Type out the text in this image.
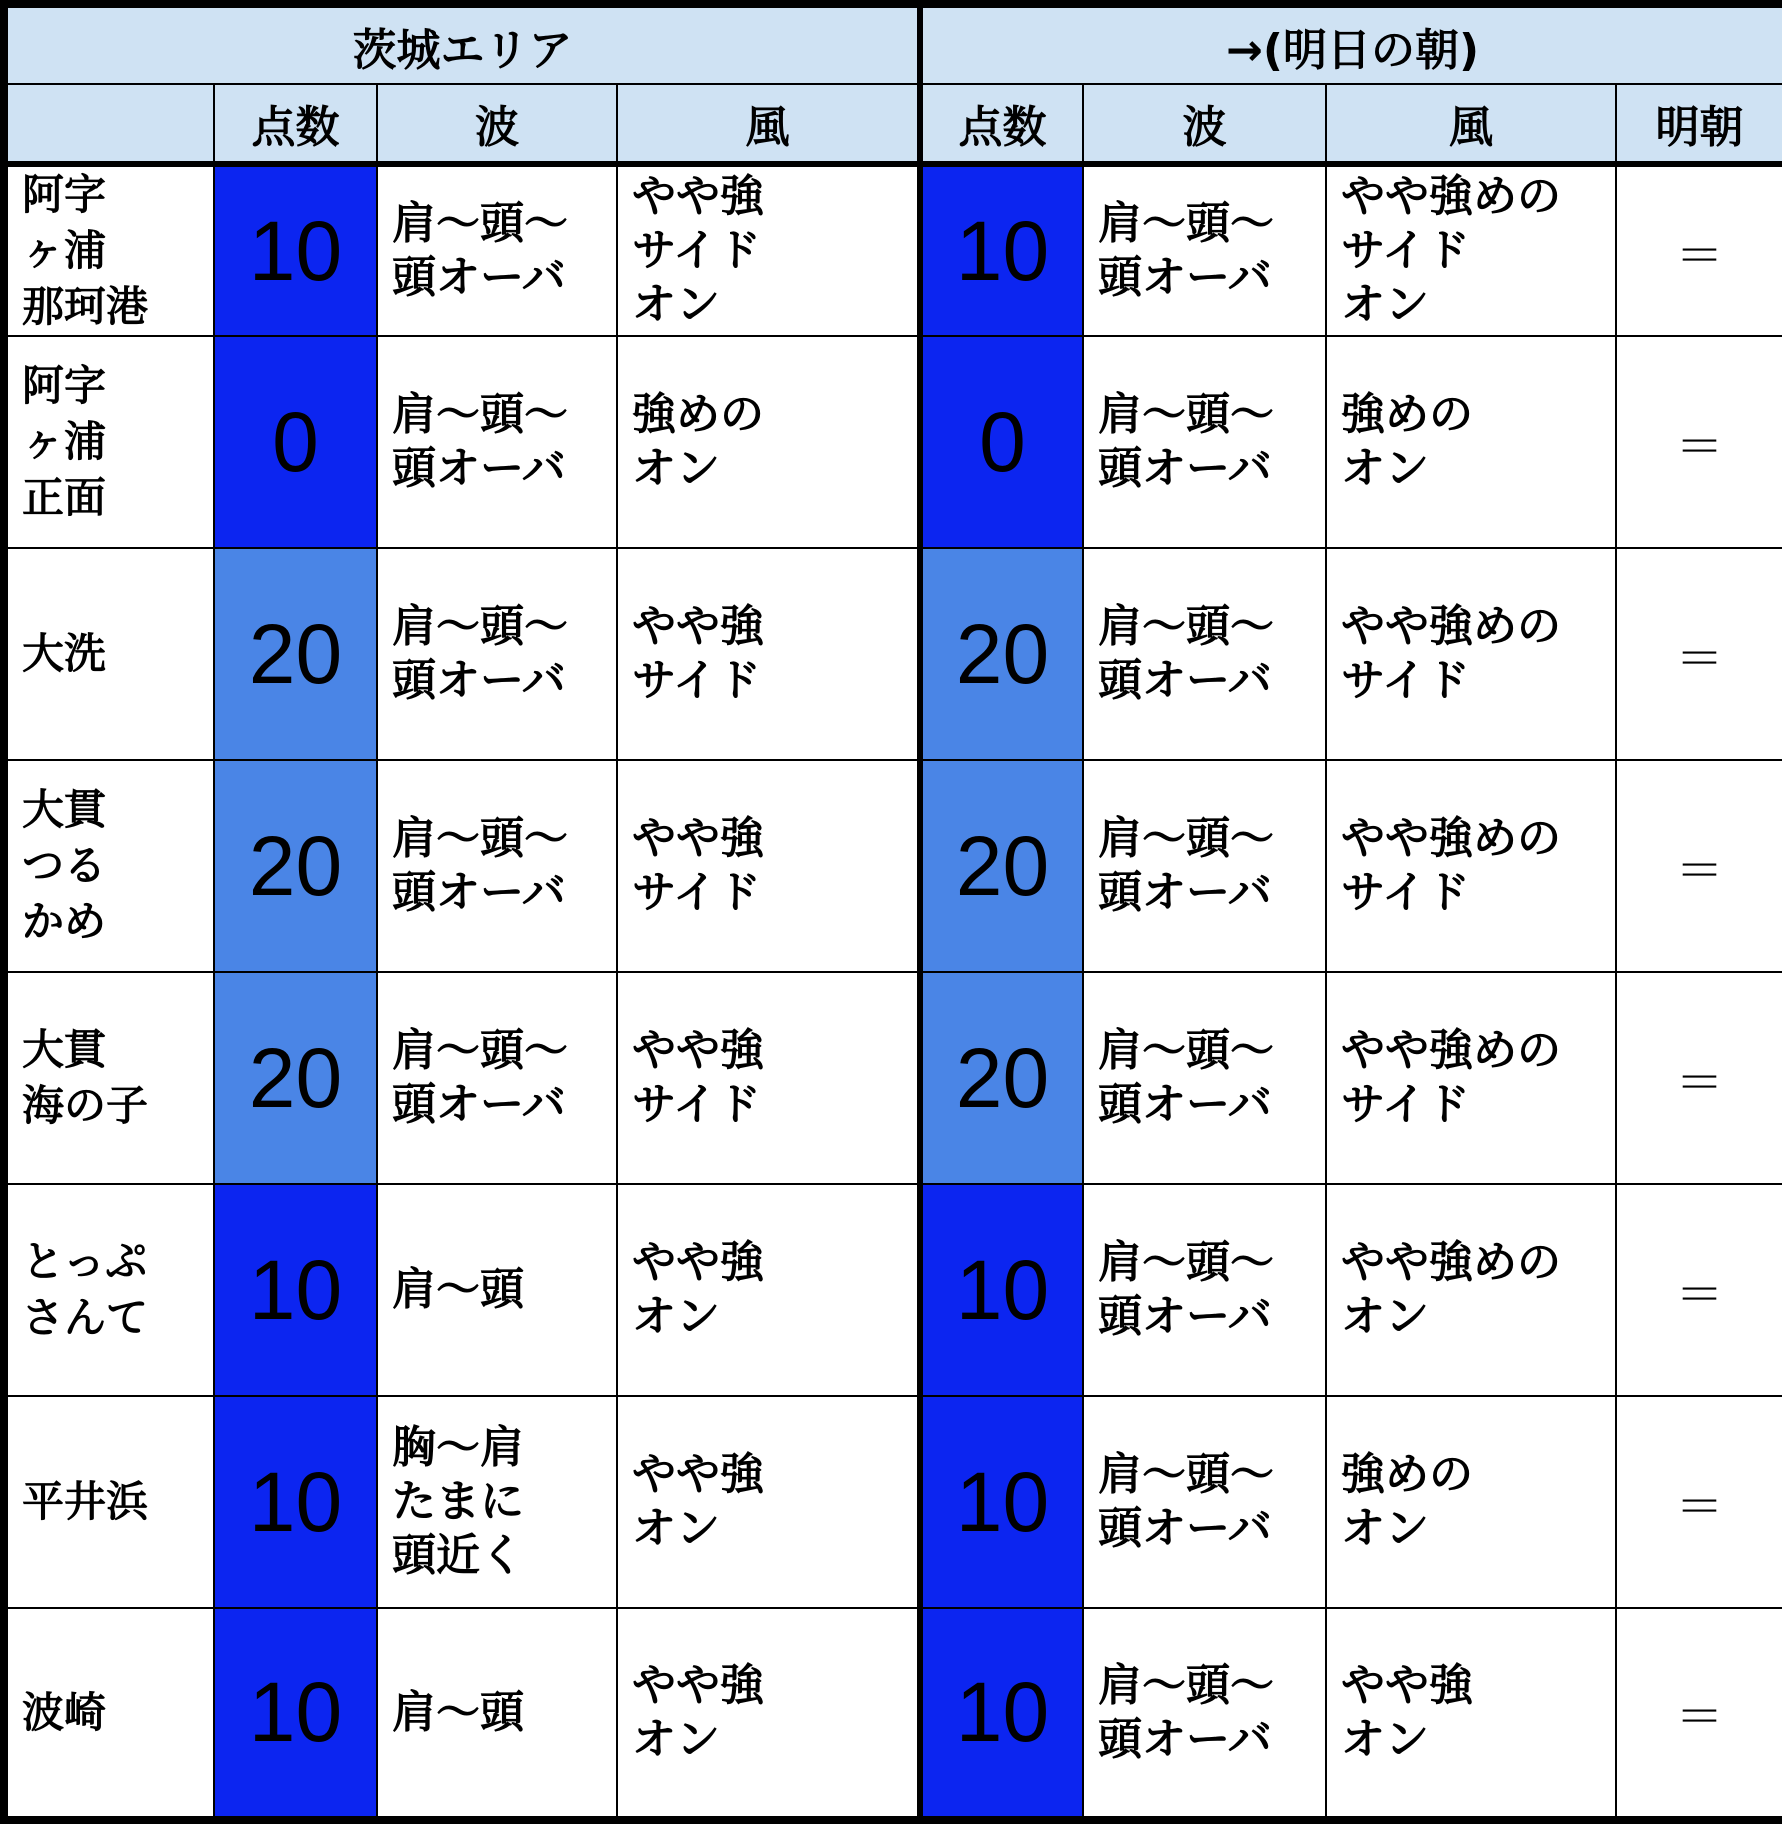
茨城エリア				→(明日の朝)			
	点数	波	風	点数	波	風	明朝
阿字
ヶ浦
那珂港	10	肩～頭～
頭オーバ	やや強
サイド
オン	10	肩～頭～
頭オーバ	やや強めの
サイド
オン	＝
阿字
ヶ浦
正面	0	肩～頭～
頭オーバ	強めの
オン	0	肩～頭～
頭オーバ	強めの
オン	＝
大洗	20	肩～頭～
頭オーバ	やや強
サイド	20	肩～頭～
頭オーバ	やや強めの
サイド	＝
大貫
つる
かめ	20	肩～頭～
頭オーバ	やや強
サイド	20	肩～頭～
頭オーバ	やや強めの
サイド	＝
大貫
海の子	20	肩～頭～
頭オーバ	やや強
サイド	20	肩～頭～
頭オーバ	やや強めの
サイド	＝
とっぷ
さんて	10	肩～頭	やや強
オン	10	肩～頭～
頭オーバ	やや強めの
オン	＝
平井浜	10	胸～肩
たまに
頭近く	やや強
オン	10	肩～頭～
頭オーバ	強めの
オン	＝
波崎	10	肩～頭	やや強
オン	10	肩～頭～
頭オーバ	やや強
オン	＝
